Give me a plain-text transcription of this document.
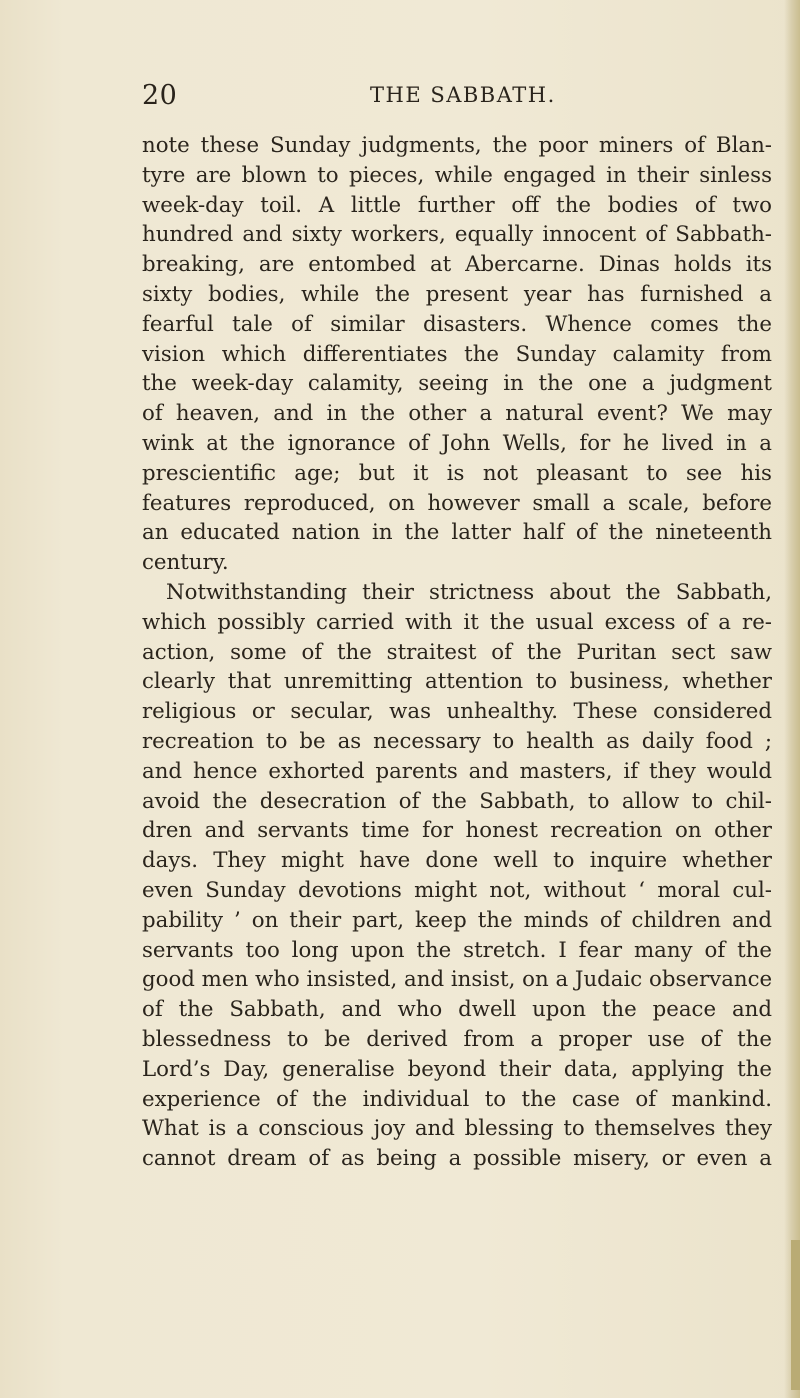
20	THE SABBATH.
note these Sunday judgments, the poor miners of Blan-
tyre are blown to pieces, while engaged in their sinless
week-day toil. A little further off the bodies of two
hundred and sixty workers, equally innocent of Sabbath-
breaking, are entombed at Abercarne. Dinas holds its
sixty bodies, while the present year has furnished a
fearful tale of similar disasters. Whence comes the
vision which differentiates the Sunday calamity from
the week-day calamity, seeing in the one a judgment
of heaven, and in the other a natural event? We may
wink at the ignorance of John Wells, for he lived in a
prescientific age; but it is not pleasant to see his
features reproduced, on however small a scale, before
an educated nation in the latter half of the nineteenth
century.
Notwithstanding their strictness about the Sabbath,
which possibly carried with it the usual excess of a re-
action, some of the straitest of the Puritan sect saw
clearly that unremitting attention to business, whether
religious or secular, was unhealthy. These considered
recreation to be as necessary to health as daily food ;
and hence exhorted parents and masters, if they would
avoid the desecration of the Sabbath, to allow to chil-
dren and servants time for honest recreation on other
days. They might have done well to inquire whether
even Sunday devotions might not, without ‘ moral cul-
pability ’ on their part, keep the minds of children and
servants too long upon the stretch. I fear many of the
good men who insisted, and insist, on a Judaic observance
of the Sabbath, and who dwell upon the peace and
blessedness to be derived from a proper use of the
Lord’s Day, generalise beyond their data, applying the
experience of the individual to the case of mankind.
What is a conscious joy and blessing to themselves they
cannot dream of as being a possible misery, or even a
